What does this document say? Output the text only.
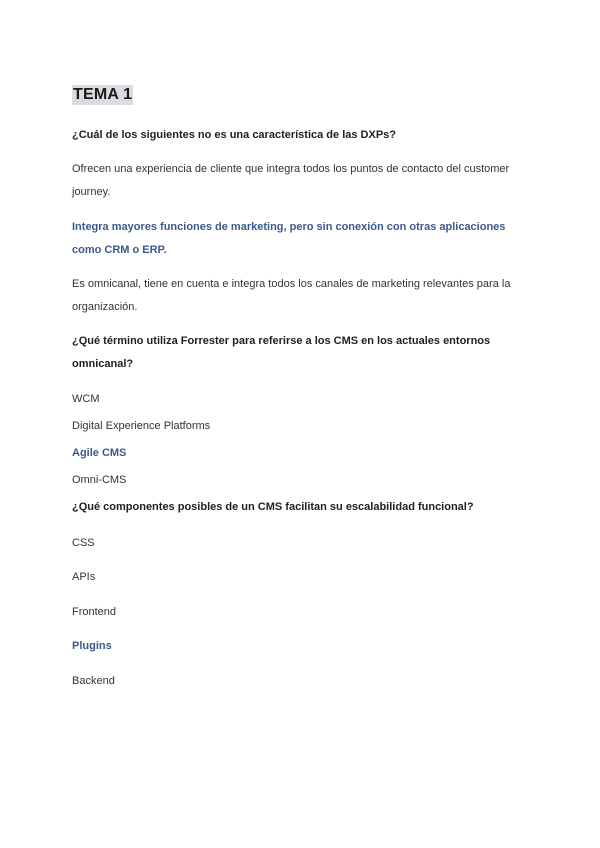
TEMA 1

¿Cuál de los siguientes no es una característica de las DXPs?

Ofrecen una experiencia de cliente que integra todos los puntos de contacto del customer journey.

Integra mayores funciones de marketing, pero sin conexión con otras aplicaciones como CRM o ERP.

Es omnicanal, tiene en cuenta e integra todos los canales de marketing relevantes para la organización.

¿Qué término utiliza Forrester para referirse a los CMS en los actuales entornos omnicanal?

WCM

Digital Experience Platforms

Agile CMS

Omni-CMS

¿Qué componentes posibles de un CMS facilitan su escalabilidad funcional?

CSS

APIs

Frontend

Plugins

Backend
